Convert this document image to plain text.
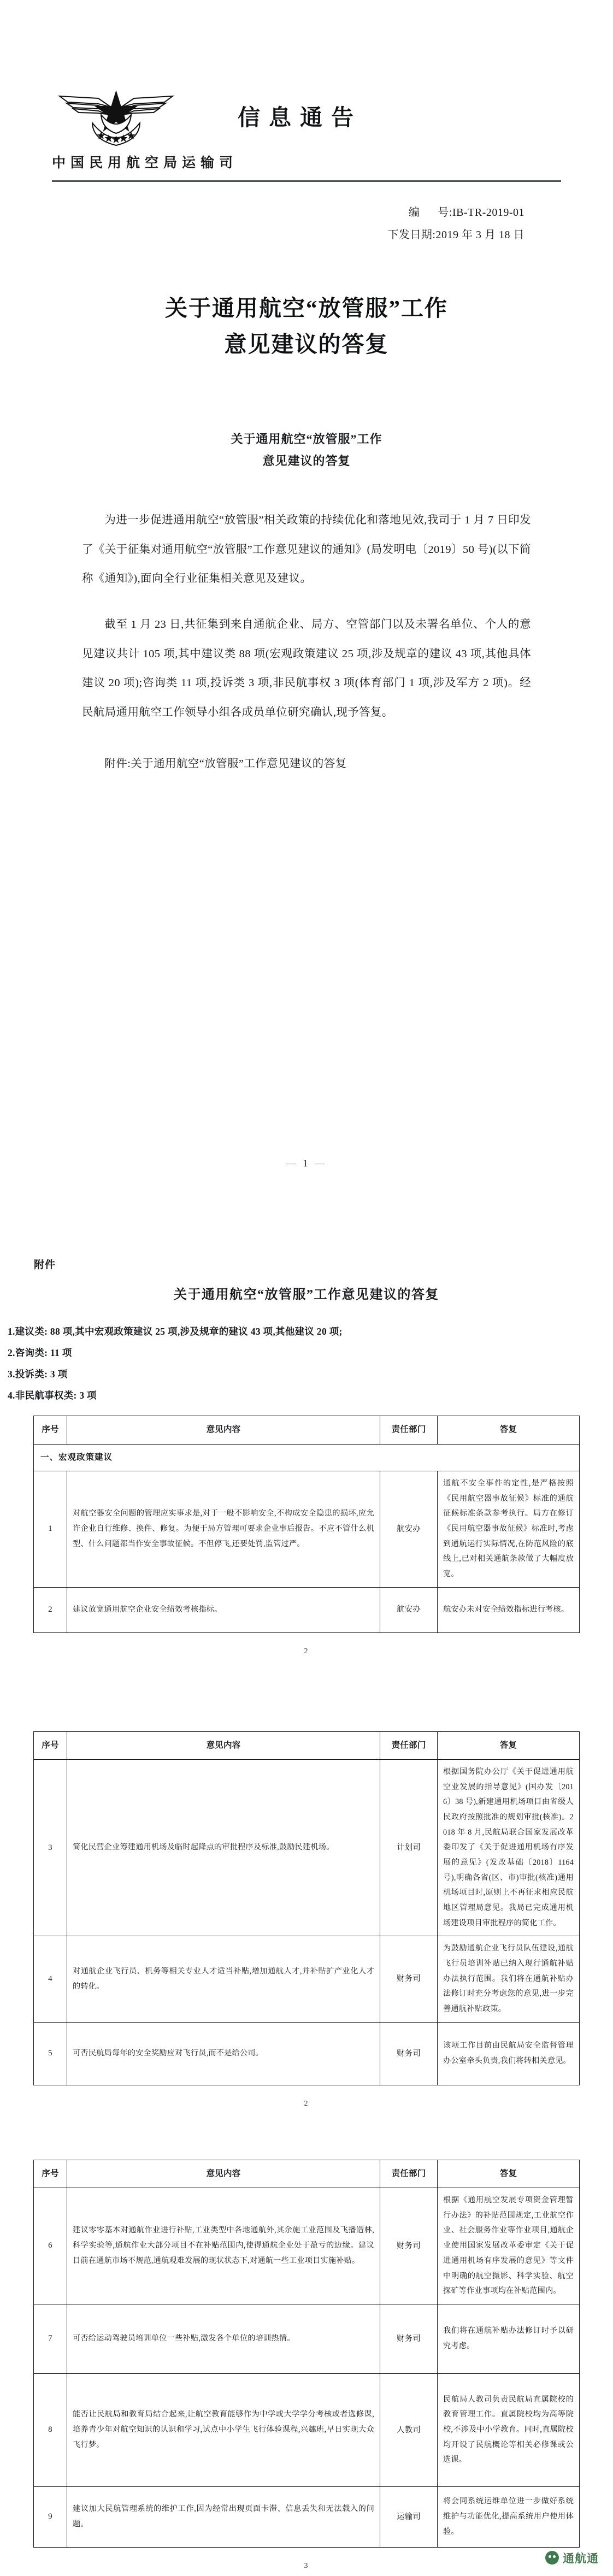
信息通告
中国民用航空局运输司
编      号:IB-TR-2019-01
下发日期:2019 年 3 月 18 日
关于通用航空“放管服”工作
意见建议的答复
关于通用航空“放管服”工作
意见建议的答复

为进一步促进通用航空“放管服”相关政策的持续优化和落地见效,我司于 1 月 7 日印发了《关于征集对通用航空“放管服”工作意见建议的通知》(局发明电〔2019〕50 号)(以下简称《通知》),面向全行业征集相关意见及建议。

截至 1 月 23 日,共征集到来自通航企业、局方、空管部门以及未署名单位、个人的意见建议共计 105 项,其中建议类 88 项(宏观政策建议 25 项,涉及规章的建议 43 项,其他具体建议 20 项);咨询类 11 项,投诉类 3 项,非民航事权 3 项(体育部门 1 项,涉及军方 2 项)。经民航局通用航空工作领导小组各成员单位研究确认,现予答复。

附件:关于通用航空“放管服”工作意见建议的答复

— 1 —
附件
关于通用航空“放管服”工作意见建议的答复
1.建议类: 88 项,其中宏观政策建议 25 项,涉及规章的建议 43 项,其他建议 20 项;
2.咨询类: 11 项
3.投诉类: 3 项
4.非民航事权类: 3 项
序号	意见内容	责任部门	答复
一、宏观政策建议			
1	对航空器安全问题的管理应实事求是,对于一般不影响安全,不构成安全隐患的损坏,应允许企业自行维修、换件、修复。为便于局方管理可要求企业事后报告。不应不管什么机型、什么问题都当作安全事故征候。不但停飞,还要处罚,监管过严。	航安办	通航不安全事件的定性,是严格按照《民用航空器事故征候》标准的通航征候标准条款参考执行。局方在修订《民用航空器事故征候》标准时,考虑到通航运行实际情况,在防范风险的底线上,已对相关通航条款做了大幅度放宽。
2	建议放宽通用航空企业安全绩效考核指标。	航安办	航安办未对安全绩效指标进行考核。
2
序号	意见内容	责任部门	答复
3	简化民营企业筹建通用机场及临时起降点的审批程序及标准,鼓励民建机场。	计划司	根据国务院办公厅《关于促进通用航空业发展的指导意见》(国办发〔2016〕38 号),新建通用机场项目由省级人民政府按照批准的规划审批(核准)。2018 年 8 月,民航局联合国家发展改革委印发了《关于促进通用机场有序发展的意见》(发改基础〔2018〕1164 号),明确各省(区、市)审批(核准)通用机场项目时,原则上不再征求相应民航地区管理局意见。我局已完成通用机场建设项目审批程序的简化工作。
4	对通航企业飞行员、机务等相关专业人才适当补贴,增加通航人才,并补贴扩产业化人才的转化。	财务司	为鼓励通航企业飞行员队伍建设,通航飞行员培训补贴已纳入现行通航补贴办法执行范围。我们将在通航补贴办法修订时充分考虑您的意见,进一步完善通航补贴政策。
5	可否民航局每年的安全奖励应对飞行员,而不是给公司。	财务司	该项工作目前由民航局安全监督管理办公室牵头负责,我们将转相关意见。
2
序号	意见内容	责任部门	答复
6	建议零零基本对通航作业进行补贴,工业类型中各地通航外,其余施工业范围及飞播造林,科学实验等,通航作业大部分项目不在补贴范围内,使得通航企业处于盈亏的边缘。建议目前在通航市场不规范,通航观难发展的现状状态下,对通航一些工业项目实施补贴。	财务司	根据《通用航空发展专项资金管理暂行办法》的补贴范围规定,工业航空作业、社会服务作业等作业项目,通航企业使用国家发展改革委审定《关于促进通用机场有序发展的意见》等文件中明确的航空摄影、科学实验、航空探矿等作业事项均在补贴范围内。
7	可否给运动驾驶员培训单位一些补贴,激发各个单位的培训热情。	财务司	我们将在通航补贴办法修订时予以研究考虑。
8	能否让民航局和教育局结合起来,让航空教育能够作为中学或大学学分考核或者选修课,培养青少年对航空知识的认识和学习,试点中小学生飞行体验课程,兴趣班,早日实现大众飞行梦。	人教司	民航局人教司负责民航局直属院校的教育管理工作。直属院校均为高等院校,不涉及中小学教育。同时,直属院校均开设了民航概论等相关必修课或公选课。
9	建议加大民航管理系统的维护工作,因为经常出现页面卡滞、信息丢失和无法载入的问题。	运输司	将会同系统运维单位进一步做好系统维护与功能优化,提高系统用户使用体验。
3
通航通
